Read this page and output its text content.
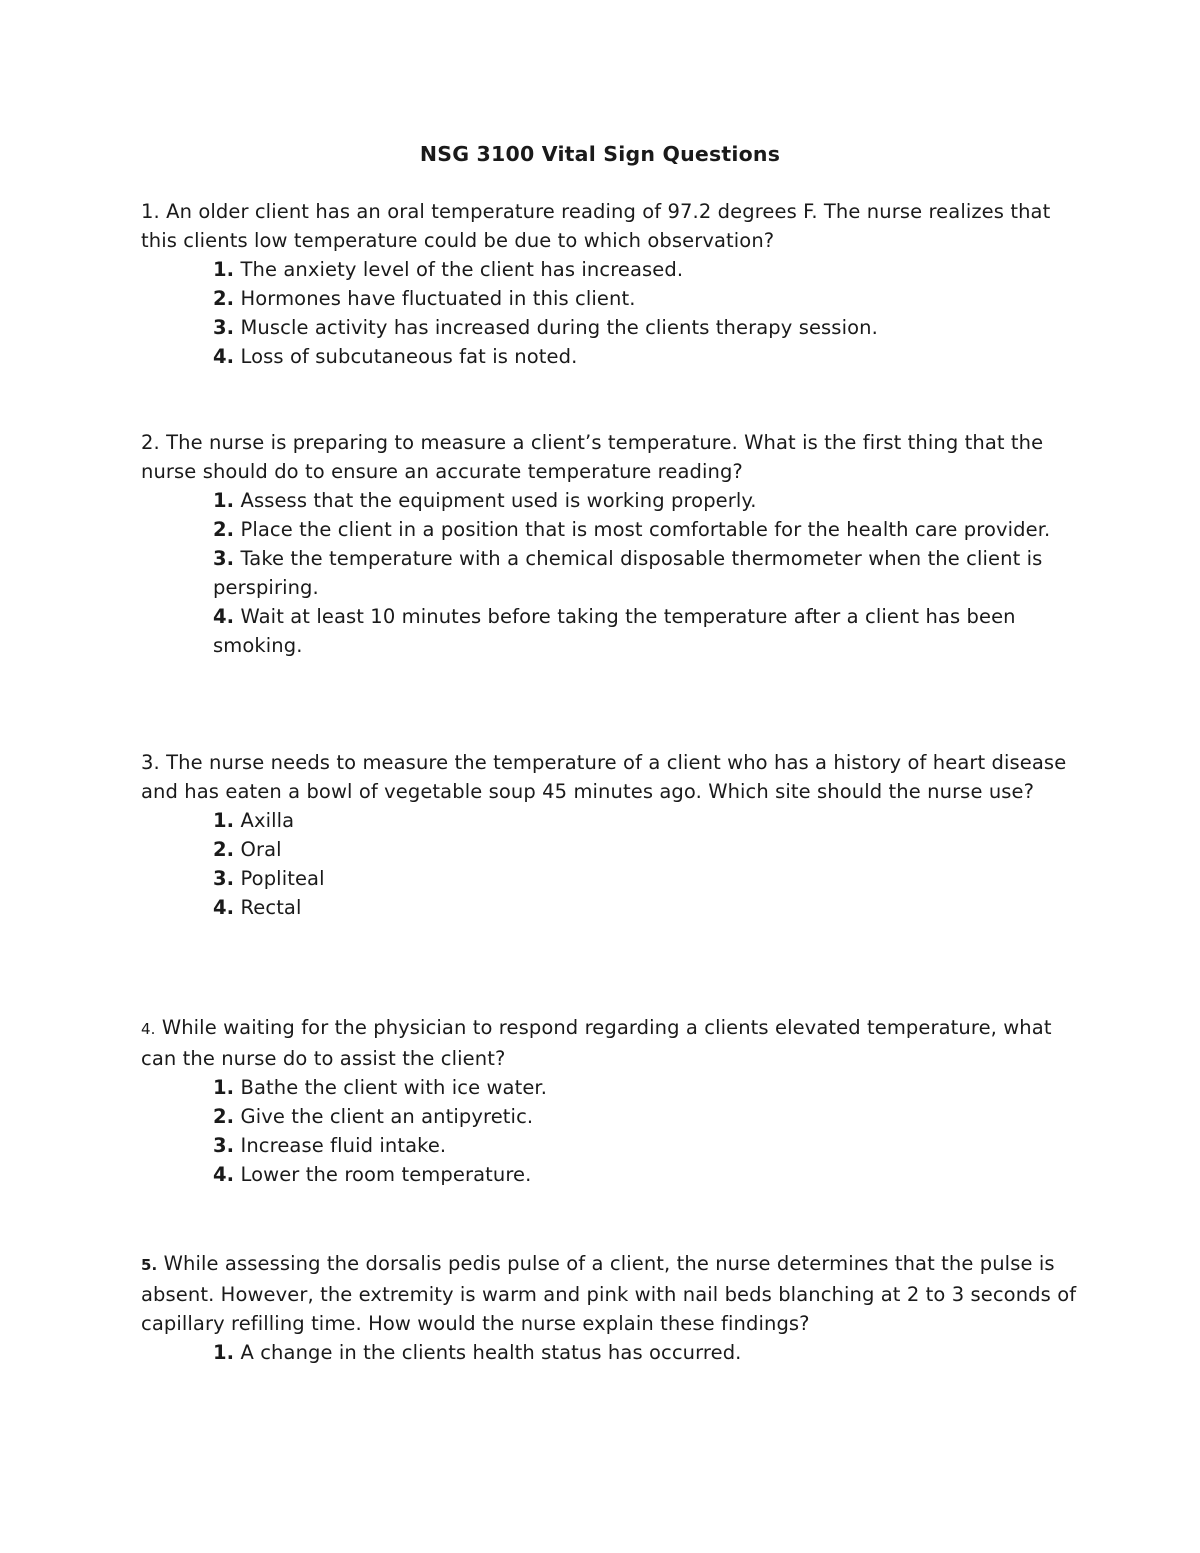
NSG 3100 Vital Sign Questions

1. An older client has an oral temperature reading of 97.2 degrees F. The nurse realizes that this clients low temperature could be due to which observation?

1. The anxiety level of the client has increased.
2. Hormones have fluctuated in this client.
3. Muscle activity has increased during the clients therapy session.
4. Loss of subcutaneous fat is noted.

2. The nurse is preparing to measure a client’s temperature. What is the first thing that the nurse should do to ensure an accurate temperature reading?

1. Assess that the equipment used is working properly.
2. Place the client in a position that is most comfortable for the health care provider.
3. Take the temperature with a chemical disposable thermometer when the client is perspiring.
4. Wait at least 10 minutes before taking the temperature after a client has been smoking.

3. The nurse needs to measure the temperature of a client who has a history of heart disease and has eaten a bowl of vegetable soup 45 minutes ago. Which site should the nurse use?

1. Axilla
2. Oral
3. Popliteal
4. Rectal

4. While waiting for the physician to respond regarding a clients elevated temperature, what can the nurse do to assist the client?

1. Bathe the client with ice water.
2. Give the client an antipyretic.
3. Increase fluid intake.
4. Lower the room temperature.

5. While assessing the dorsalis pedis pulse of a client, the nurse determines that the pulse is absent. However, the extremity is warm and pink with nail beds blanching at 2 to 3 seconds of capillary refilling time. How would the nurse explain these findings?

1. A change in the clients health status has occurred.
